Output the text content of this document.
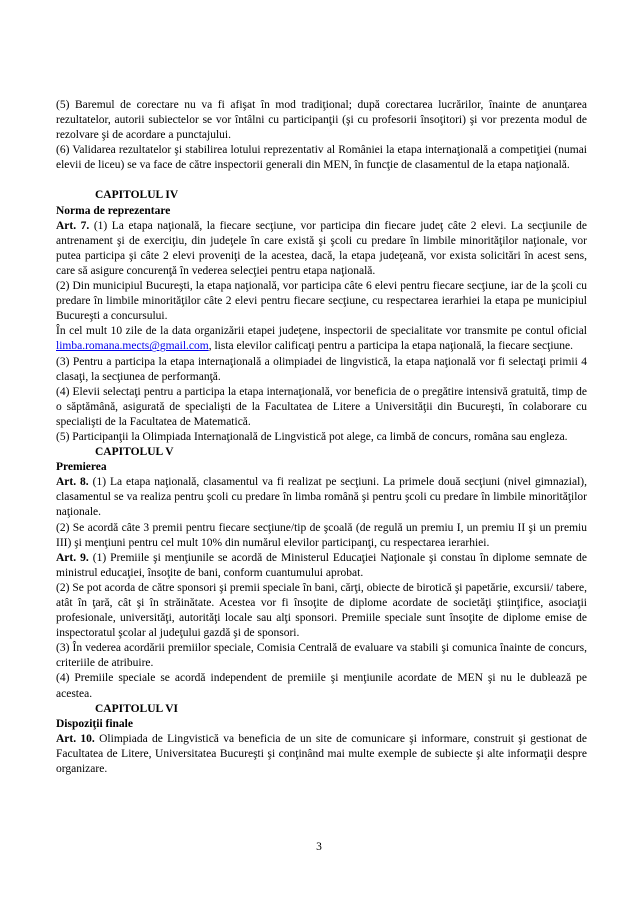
(5) Baremul de corectare nu va fi afişat în mod tradiţional; după corectarea lucrărilor, înainte de anunţarea rezultatelor, autorii subiectelor se vor întâlni cu participanţii (şi cu profesorii însoţitori) şi vor prezenta modul de rezolvare şi de acordare a punctajului.

(6) Validarea rezultatelor şi stabilirea lotului reprezentativ al României la etapa internaţională a competiţiei (numai elevii de liceu) se va face de către inspectorii generali din MEN, în funcţie de clasamentul de la etapa naţională.

CAPITOLUL IV

Norma de reprezentare

Art. 7. (1) La etapa naţională, la fiecare secţiune, vor participa din fiecare judeţ câte 2 elevi. La secţiunile de antrenament şi de exerciţiu, din judeţele în care există şi şcoli cu predare în limbile minorităţilor naţionale, vor putea participa şi câte 2 elevi proveniţi de la acestea, dacă, la etapa judeţeană, vor exista solicitări în acest sens, care să asigure concurenţă în vederea selecţiei pentru etapa naţională.

(2) Din municipiul Bucureşti, la etapa naţională, vor participa câte 6 elevi pentru fiecare secţiune, iar de la şcoli cu predare în limbile minorităţilor câte 2 elevi pentru fiecare secţiune, cu respectarea ierarhiei la etapa pe municipiul Bucureşti a concursului.

În cel mult 10 zile de la data organizării etapei judeţene, inspectorii de specialitate vor transmite pe contul oficial limba.romana.mects@gmail.com, lista elevilor calificaţi pentru a participa la etapa naţională, la fiecare secţiune.

(3) Pentru a participa la etapa internaţională a olimpiadei de lingvistică, la etapa naţională vor fi selectaţi primii 4 clasaţi, la secţiunea de performanţă.

(4) Elevii selectaţi pentru a participa la etapa internaţională, vor beneficia de o pregătire intensivă gratuită, timp de o săptămână, asigurată de specialişti de la Facultatea de Litere a Universităţii din Bucureşti, în colaborare cu specialişti de la Facultatea de Matematică.

(5) Participanţii la Olimpiada Internaţională de Lingvistică pot alege, ca limbă de concurs, româna sau engleza.

CAPITOLUL V

Premierea

Art. 8. (1) La etapa naţională, clasamentul va fi realizat pe secţiuni. La primele două secţiuni (nivel gimnazial), clasamentul se va realiza pentru şcoli cu predare în limba română şi pentru şcoli cu predare în limbile minorităţilor naţionale.

(2) Se acordă câte 3 premii pentru fiecare secţiune/tip de şcoală (de regulă un premiu I, un premiu II şi un premiu III) şi menţiuni pentru cel mult 10% din numărul elevilor participanţi, cu respectarea ierarhiei.

Art. 9. (1) Premiile şi menţiunile se acordă de Ministerul Educaţiei Naţionale şi constau în diplome semnate de ministrul educaţiei, însoţite de bani, conform cuantumului aprobat.

(2) Se pot acorda de către sponsori şi premii speciale în bani, cărţi, obiecte de birotică şi papetărie, excursii/ tabere, atât în ţară, cât şi în străinătate. Acestea vor fi însoţite de diplome acordate de societăţi ştiinţifice, asociaţii profesionale, universităţi, autorităţi locale sau alţi sponsori. Premiile speciale sunt însoţite de diplome emise de inspectoratul şcolar al judeţului gazdă şi de sponsori.

(3) În vederea acordării premiilor speciale, Comisia Centrală de evaluare va stabili şi comunica înainte de concurs, criteriile de atribuire.

(4) Premiile speciale se acordă independent de premiile şi menţiunile acordate de MEN şi nu le dublează pe acestea.

CAPITOLUL VI

Dispoziţii finale

Art. 10. Olimpiada de Lingvistică va beneficia de un site de comunicare şi informare, construit şi gestionat de Facultatea de Litere, Universitatea Bucureşti şi conţinând mai multe exemple de subiecte şi alte informaţii despre organizare.

3
